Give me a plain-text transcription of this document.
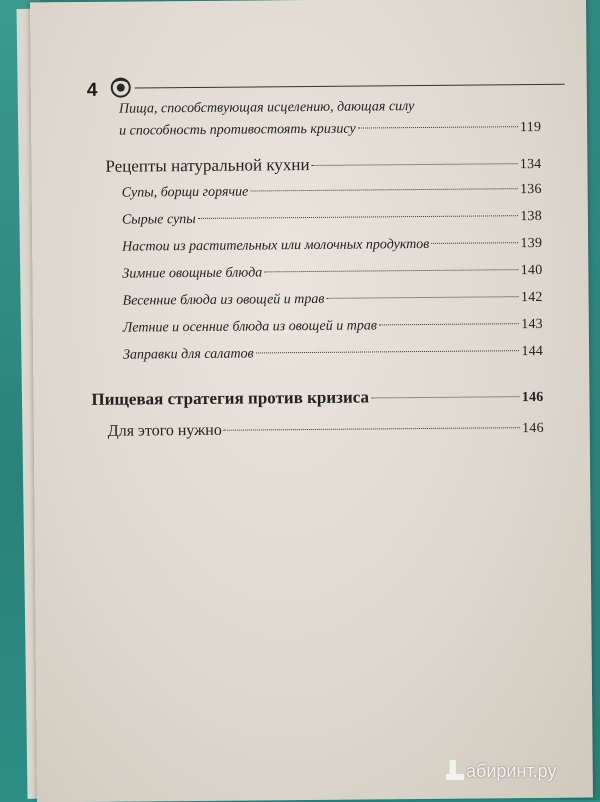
4
Пища, способствующая исцелению, дающая силу
и способность противостоять кризису	119
Рецепты натуральной кухни	134
Супы, борщи горячие	136
Сырые супы	138
Настои из растительных или молочных продуктов	139
Зимние овощные блюда	140
Весенние блюда из овощей и трав	142
Летние и осенние блюда из овощей и трав	143
Заправки для салатов	144
Пищевая стратегия против кризиса	146
Для этого нужно	146
абиринт.ру
